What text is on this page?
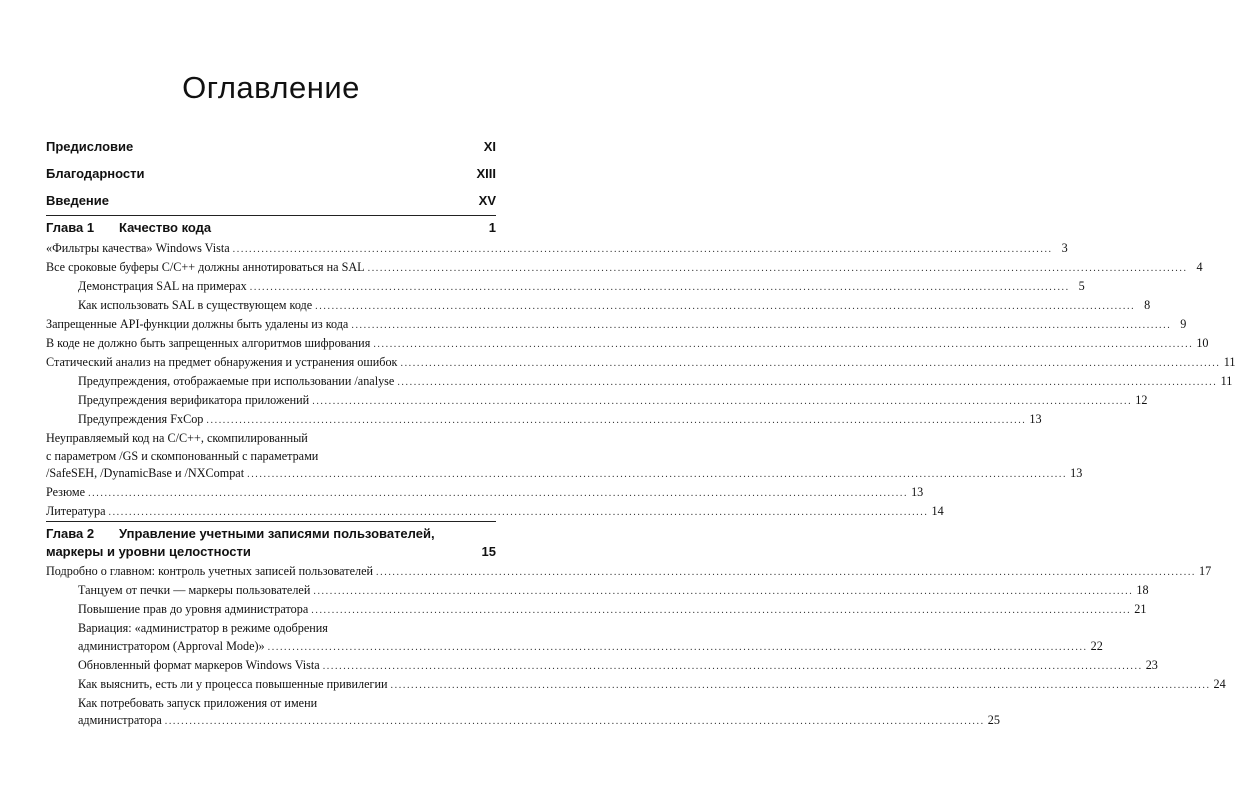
Оглавление
Предисловие	XI
Благодарности	XIII
Введение	XV
Глава 1 Качество кода	1
«Фильтры качества» Windows Vista ........................................................................................................................................................................................................ 3
Все сроковые буферы C/C++ должны аннотироваться на SAL ........................................................................................................................................................................................................ 4
Демонстрация SAL на примерах ........................................................................................................................................................................................................ 5
Как использовать SAL в существующем коде ........................................................................................................................................................................................................ 8
Запрещенные API-функции должны быть удалены из кода ........................................................................................................................................................................................................ 9
В коде не должно быть запрещенных алгоритмов шифрования ........................................................................................................................................................................................................ 10
Статический анализ на предмет обнаружения и устранения ошибок ........................................................................................................................................................................................................ 11
Предупреждения, отображаемые при использовании /analyse ........................................................................................................................................................................................................ 11
Предупреждения верификатора приложений ........................................................................................................................................................................................................ 12
Предупреждения FxCop ........................................................................................................................................................................................................ 13
Неуправляемый код на C/C++, скомпилированный
с параметром /GS и скомпонованный с параметрами
/SafeSEH, /DynamicBase и /NXCompat ........................................................................................................................................................................................................ 13
Резюме ........................................................................................................................................................................................................ 13
Литература ........................................................................................................................................................................................................ 14
Глава 2 Управление учетными записями пользователей,
маркеры и уровни целостности	15
Подробно о главном: контроль учетных записей пользователей ........................................................................................................................................................................................................ 17
Танцуем от печки — маркеры пользователей ........................................................................................................................................................................................................ 18
Повышение прав до уровня администратора ........................................................................................................................................................................................................ 21
Вариация: «администратор в режиме одобрения
администратором (Approval Mode)» ........................................................................................................................................................................................................ 22
Обновленный формат маркеров Windows Vista ........................................................................................................................................................................................................ 23
Как выяснить, есть ли у процесса повышенные привилегии ........................................................................................................................................................................................................ 24
Как потребовать запуск приложения от имени
администратора ........................................................................................................................................................................................................ 25
